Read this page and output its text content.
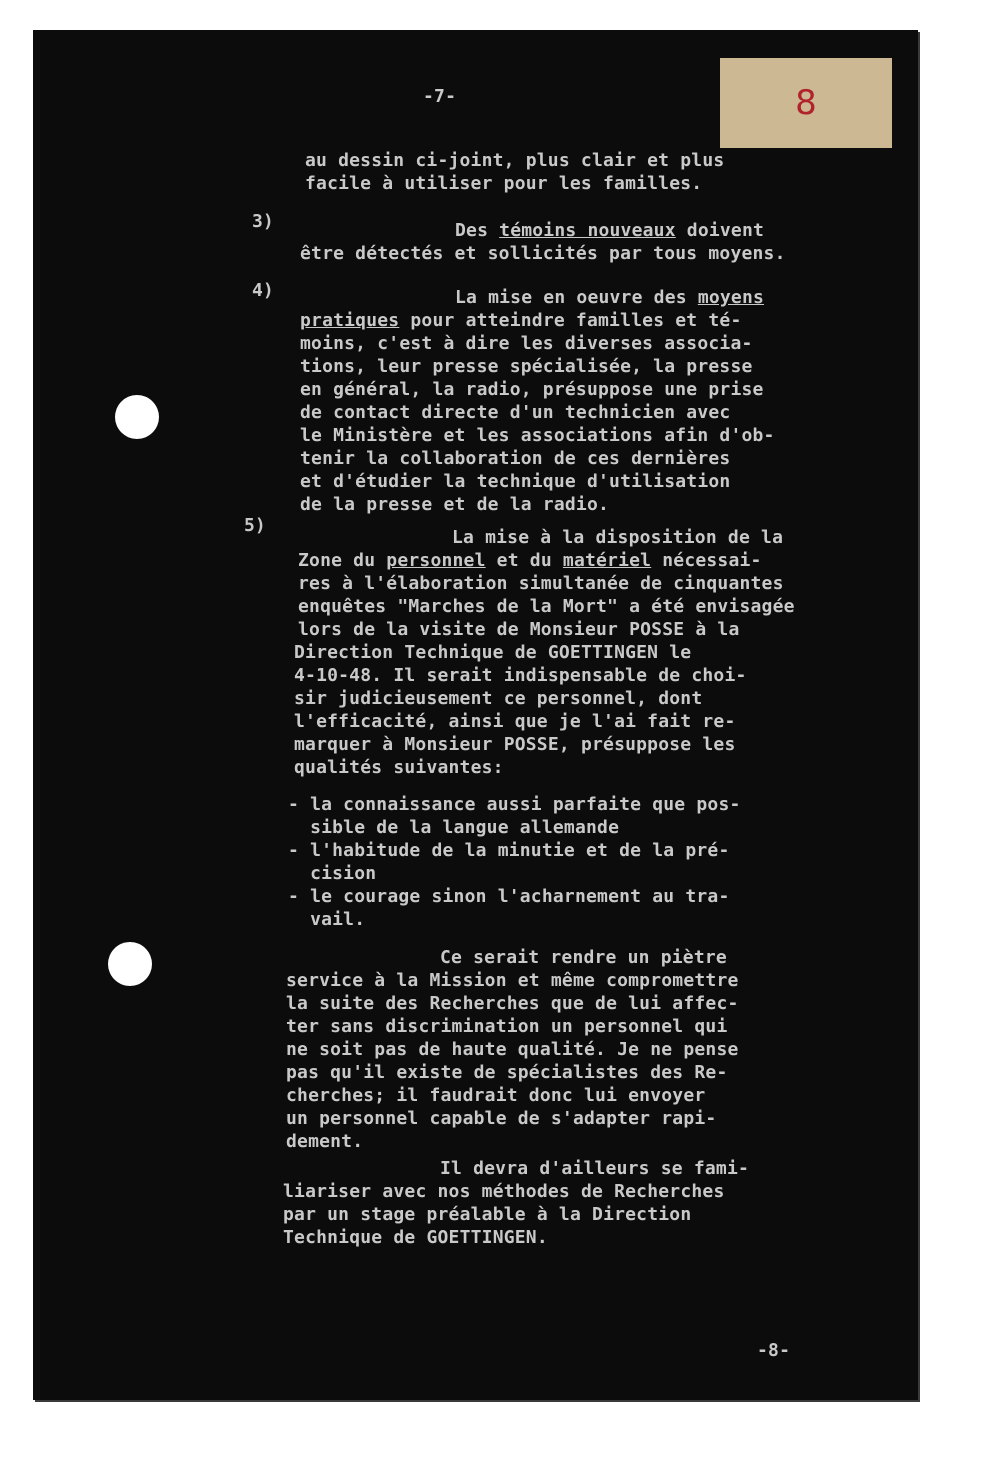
8
-7-
au dessin ci-joint, plus clair et plus
facile à utiliser pour les familles.
3)	Des témoins nouveaux doivent
être détectés et sollicités par tous moyens.
4)	La mise en oeuvre des moyens
pratiques pour atteindre familles et té-
moins, c'est à dire les diverses associa-
tions, leur presse spécialisée, la presse
en général, la radio, présuppose une prise
de contact directe d'un technicien avec
le Ministère et les associations afin d'ob-
tenir la collaboration de ces dernières
et d'étudier la technique d'utilisation
de la presse et de la radio.
5)
La mise à la disposition de la
Zone du personnel et du matériel nécessai-
res à l'élaboration simultanée de cinquantes
enquêtes "Marches de la Mort" a été envisagée
lors de la visite de Monsieur POSSE à la
Direction Technique de GOETTINGEN le
4-10-48. Il serait indispensable de choi-
sir judicieusement ce personnel, dont
l'efficacité, ainsi que je l'ai fait re-
marquer à Monsieur POSSE, présuppose les
qualités suivantes:
- la connaissance aussi parfaite que pos-
sible de la langue allemande
- l'habitude de la minutie et de la pré-
cision
- le courage sinon l'acharnement au tra-
vail.
Ce serait rendre un piètre
service à la Mission et même compromettre
la suite des Recherches que de lui affec-
ter sans discrimination un personnel qui
ne soit pas de haute qualité. Je ne pense
pas qu'il existe de spécialistes des Re-
cherches; il faudrait donc lui envoyer
un personnel capable de s'adapter rapi-
dement.
Il devra d'ailleurs se fami-
liariser avec nos méthodes de Recherches
par un stage préalable à la Direction
Technique de GOETTINGEN.
-8-
